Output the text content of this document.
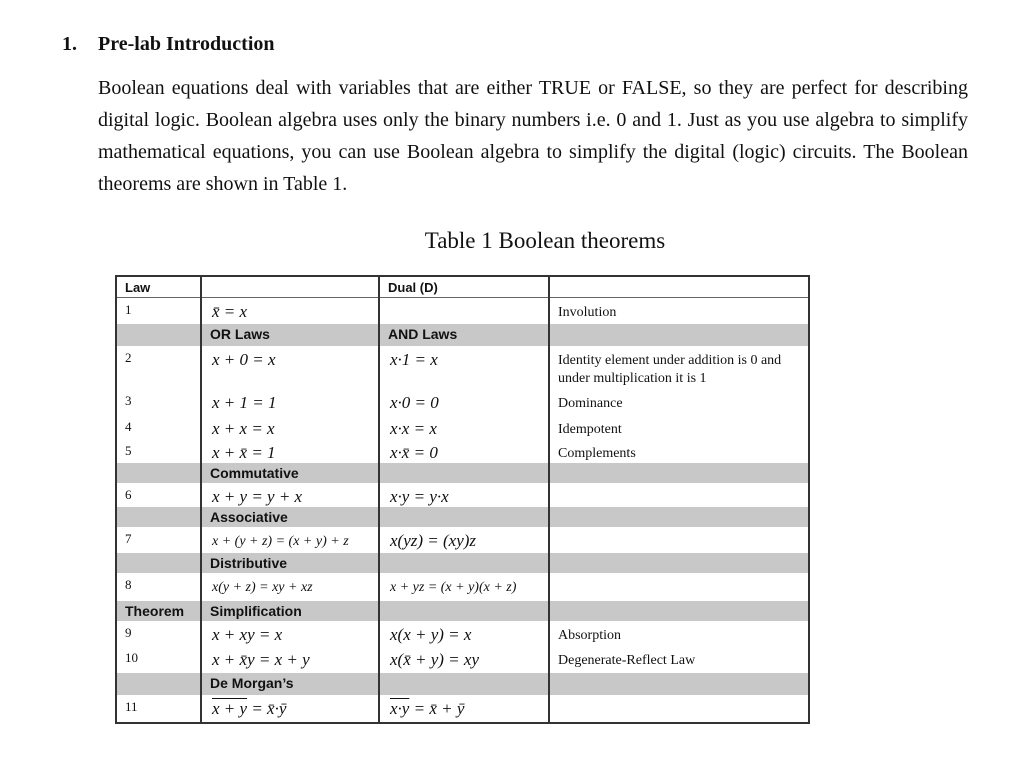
1. Pre-lab Introduction
Boolean equations deal with variables that are either TRUE or FALSE, so they are perfect for describing digital logic. Boolean algebra uses only the binary numbers i.e. 0 and 1. Just as you use algebra to simplify mathematical equations, you can use Boolean algebra to simplify the digital (logic) circuits. The Boolean theorems are shown in Table 1.
Table 1 Boolean theorems
Law		Dual (D)	
1	x̄̄ = x		Involution
	OR Laws	AND Laws	
2	x + 0 = x	x·1 = x	Identity element under addition is 0 and under multiplication it is 1
3	x + 1 = 1	x·0 = 0	Dominance
4	x + x = x	x·x = x	Idempotent
5	x + x̄ = 1	x·x̄ = 0	Complements
	Commutative		
6	x + y = y + x	x·y = y·x	
	Associative		
7	x + (y + z) = (x + y) + z	x(yz) = (xy)z	
	Distributive		
8	x(y + z) = xy + xz	x + yz = (x + y)(x + z)	
Theorem	Simplification		
9	x + xy = x	x(x + y) = x	Absorption
10	x + x̄y = x + y	x(x̄ + y) = xy	Degenerate-Reflect Law
	De Morgan’s		
11	x + y = x̄·ȳ	x·y = x̄ + ȳ	
